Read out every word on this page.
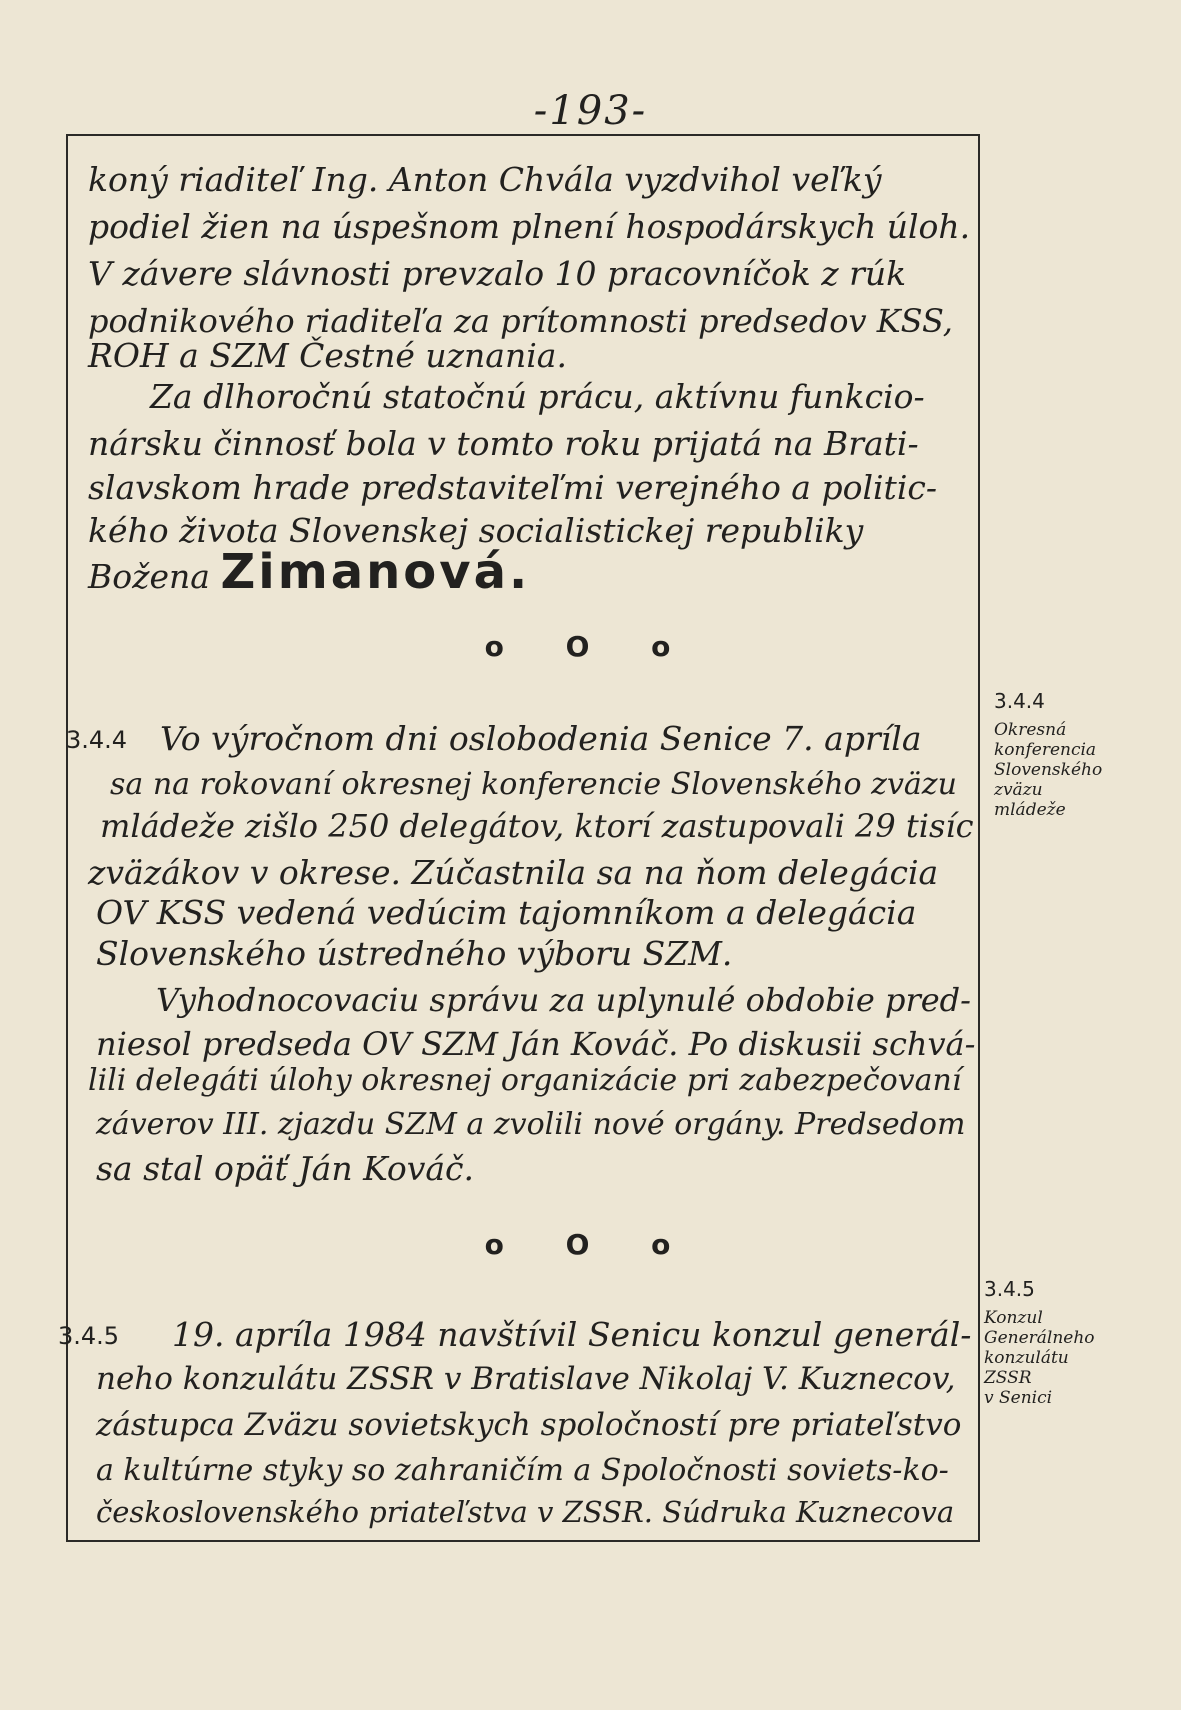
-193-
koný riaditeľ Ing. Anton Chvála vyzdvihol veľký
podiel žien na úspešnom plnení hospodárskych úloh.
V závere slávnosti prevzalo 10 pracovníčok z rúk
podnikového riaditeľa za prítomnosti predsedov KSS,
ROH a SZM Čestné uznania.
Za dlhoročnú statočnú prácu, aktívnu funkcio-
nársku činnosť bola v tomto roku prijatá na Brati-
slavskom hrade predstaviteľmi verejného a politic-
kého života Slovenskej socialistickej republiky
Božena Zimanová.
o O o
3.4.4 Vo výročnom dni oslobodenia Senice 7. apríla
sa na rokovaní okresnej konferencie Slovenského zväzu
mládeže zišlo 250 delegátov, ktorí zastupovali 29 tisíc
zväzákov v okrese. Zúčastnila sa na ňom delegácia
OV KSS vedená vedúcim tajomníkom a delegácia
Slovenského ústredného výboru SZM.
Vyhodnocovaciu správu za uplynulé obdobie pred-
niesol predseda OV SZM Ján Kováč. Po diskusii schvá-
lili delegáti úlohy okresnej organizácie pri zabezpečovaní
záverov III. zjazdu SZM a zvolili nové orgány. Predsedom
sa stal opäť Ján Kováč.
3.4.4
Okresná
konferencia
Slovenského
zväzu
mládeže
o O o
3.4.5 19. apríla 1984 navštívil Senicu konzul generál-
neho konzulátu ZSSR v Bratislave Nikolaj V. Kuznecov,
zástupca Zväzu sovietskych spoločností pre priateľstvo
a kultúrne styky so zahraničím a Spoločnosti soviets-ko-
československého priateľstva v ZSSR. Súdruka Kuznecova
3.4.5
Konzul
Generálneho
konzulátu
ZSSR
v Senici
